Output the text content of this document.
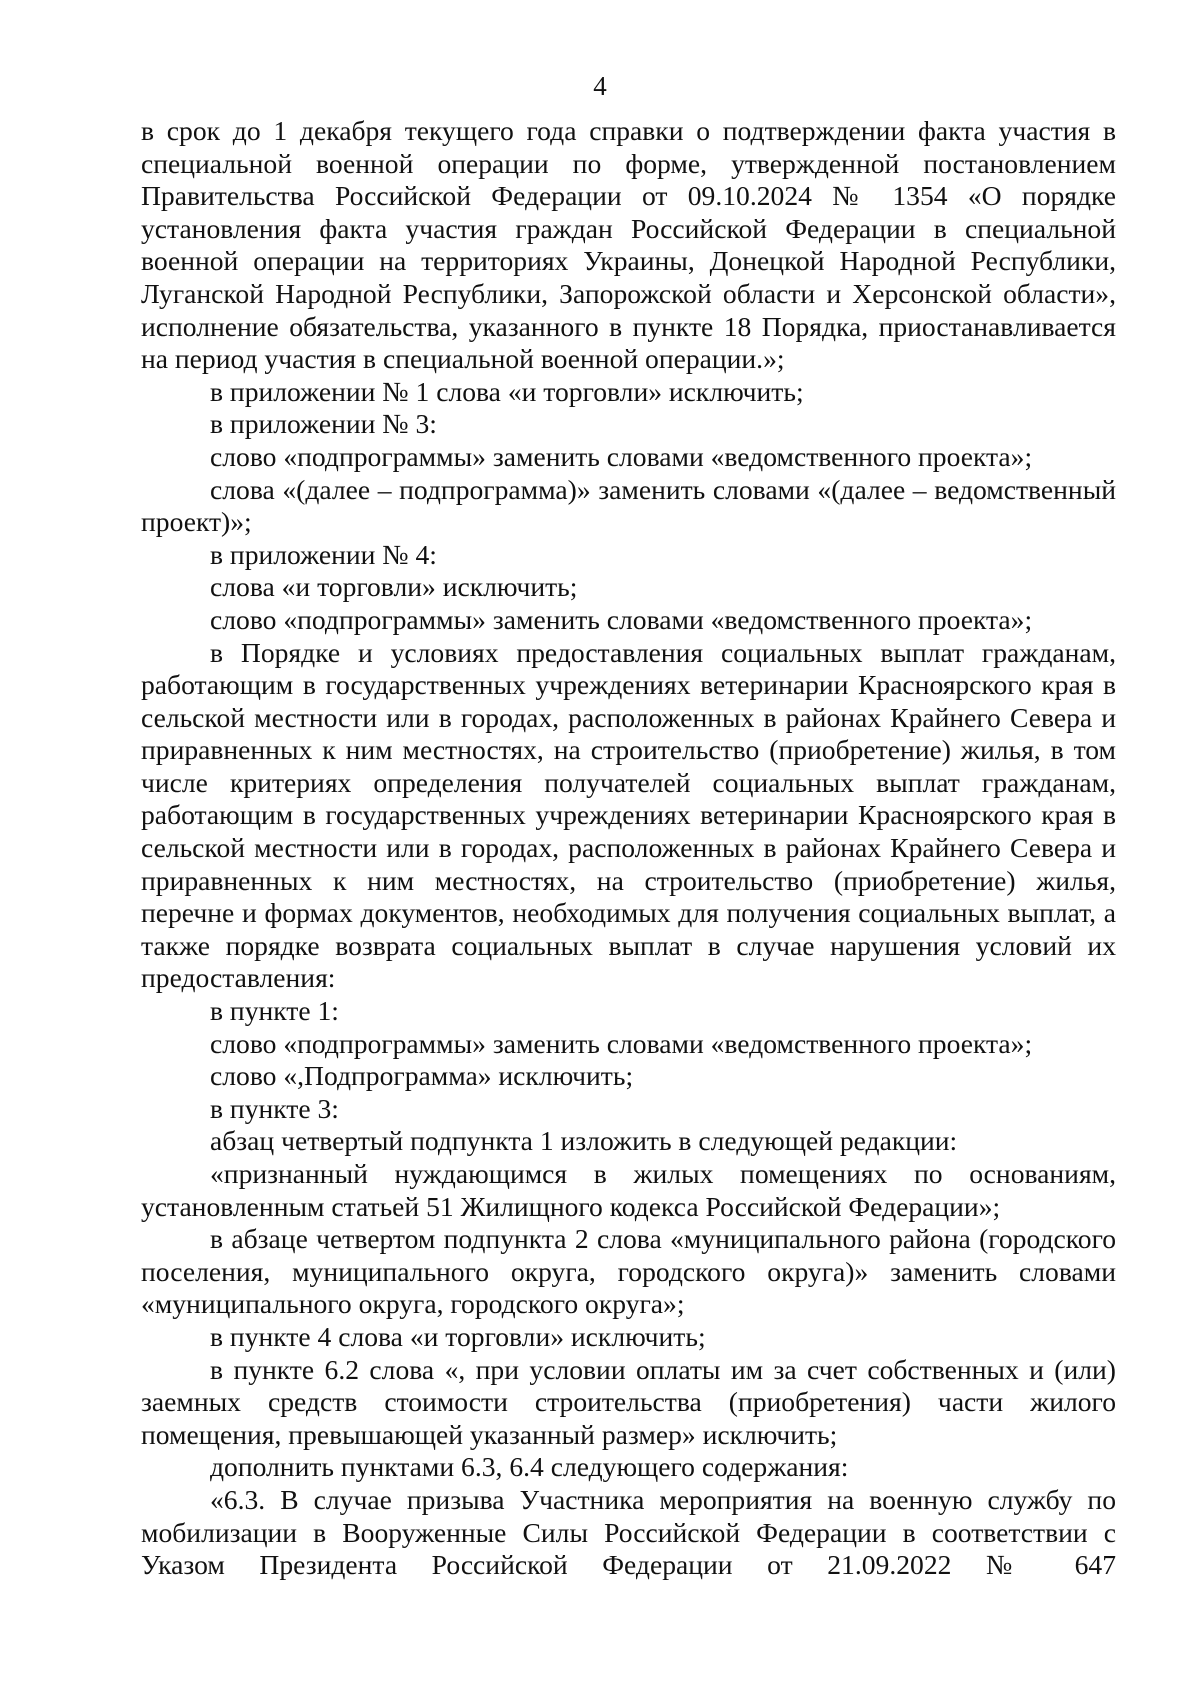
4

в срок до 1 декабря текущего года справки о подтверждении факта участия в специальной военной операции по форме, утвержденной постановлением Правительства Российской Федерации от 09.10.2024 № 1354 «О порядке установления факта участия граждан Российской Федерации в специальной военной операции на территориях Украины, Донецкой Народной Республики, Луганской Народной Республики, Запорожской области и Херсонской области», исполнение обязательства, указанного в пункте 18 Порядка, приостанавливается на период участия в специальной военной операции.»;

в приложении № 1 слова «и торговли» исключить;

в приложении № 3:

слово «подпрограммы» заменить словами «ведомственного проекта»;

слова «(далее – подпрограмма)» заменить словами «(далее – ведомственный проект)»;

в приложении № 4:

слова «и торговли» исключить;

слово «подпрограммы» заменить словами «ведомственного проекта»;

в Порядке и условиях предоставления социальных выплат гражданам, работающим в государственных учреждениях ветеринарии Красноярского края в сельской местности или в городах, расположенных в районах Крайнего Севера и приравненных к ним местностях, на строительство (приобретение) жилья, в том числе критериях определения получателей социальных выплат гражданам, работающим в государственных учреждениях ветеринарии Красноярского края в сельской местности или в городах, расположенных в районах Крайнего Севера и приравненных к ним местностях, на строительство (приобретение) жилья, перечне и формах документов, необходимых для получения социальных выплат, а также порядке возврата социальных выплат в случае нарушения условий их предоставления:

в пункте 1:

слово «подпрограммы» заменить словами «ведомственного проекта»;

слово «,Подпрограмма» исключить;

в пункте 3:

абзац четвертый подпункта 1 изложить в следующей редакции:

«признанный нуждающимся в жилых помещениях по основаниям, установленным статьей 51 Жилищного кодекса Российской Федерации»;

в абзаце четвертом подпункта 2 слова «муниципального района (городского поселения, муниципального округа, городского округа)» заменить словами «муниципального округа, городского округа»;

в пункте 4 слова «и торговли» исключить;

в пункте 6.2 слова «, при условии оплаты им за счет собственных и (или) заемных средств стоимости строительства (приобретения) части жилого помещения, превышающей указанный размер» исключить;

дополнить пунктами 6.3, 6.4 следующего содержания:

«6.3. В случае призыва Участника мероприятия на военную службу по мобилизации в Вооруженные Силы Российской Федерации в соответствии с Указом Президента Российской Федерации от 21.09.2022 № 647
